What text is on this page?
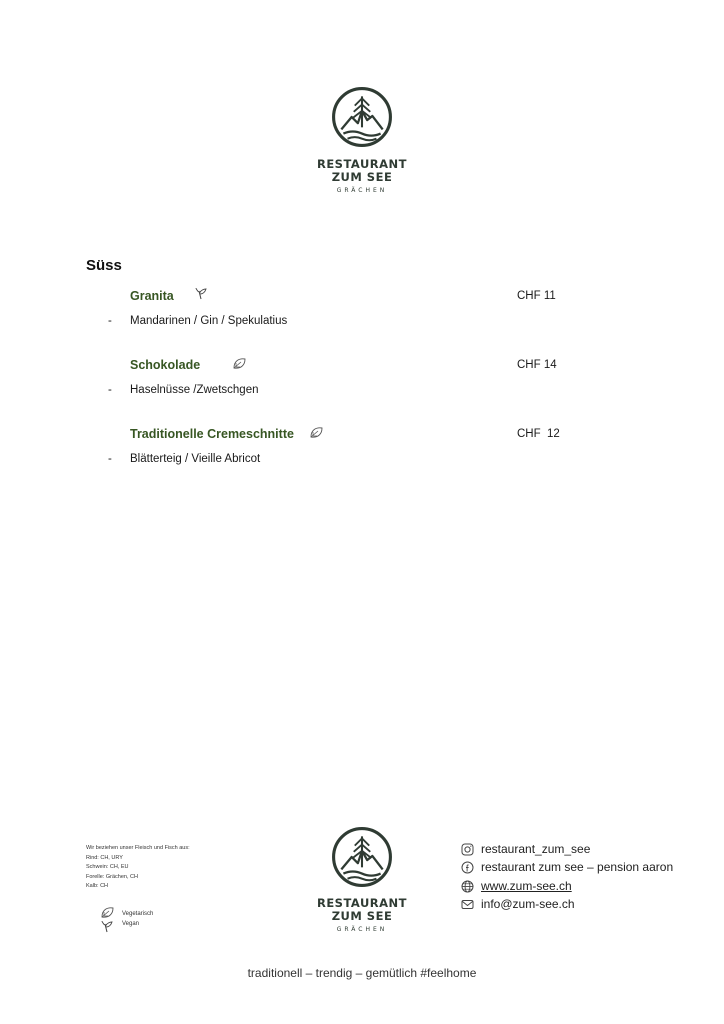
RESTAURANT
ZUM SEE
GRÄCHEN
Süss
Granita	CHF 11
- Mandarinen / Gin / Spekulatius
Schokolade	CHF 14
- Haselnüsse /Zwetschgen
Traditionelle Cremeschnitte	CHF  12
- Blätterteig / Vieille Abricot
Wir beziehen unser Fleisch und Fisch aus:
Rind: CH, URY
Schwein: CH, EU
Forelle: Grächen, CH
Kalb: CH
Vegetarisch
Vegan
RESTAURANT
ZUM SEE
GRÄCHEN
restaurant_zum_see
restaurant zum see – pension aaron
www.zum-see.ch
info@zum-see.ch
traditionell – trendig – gemütlich #feelhome
